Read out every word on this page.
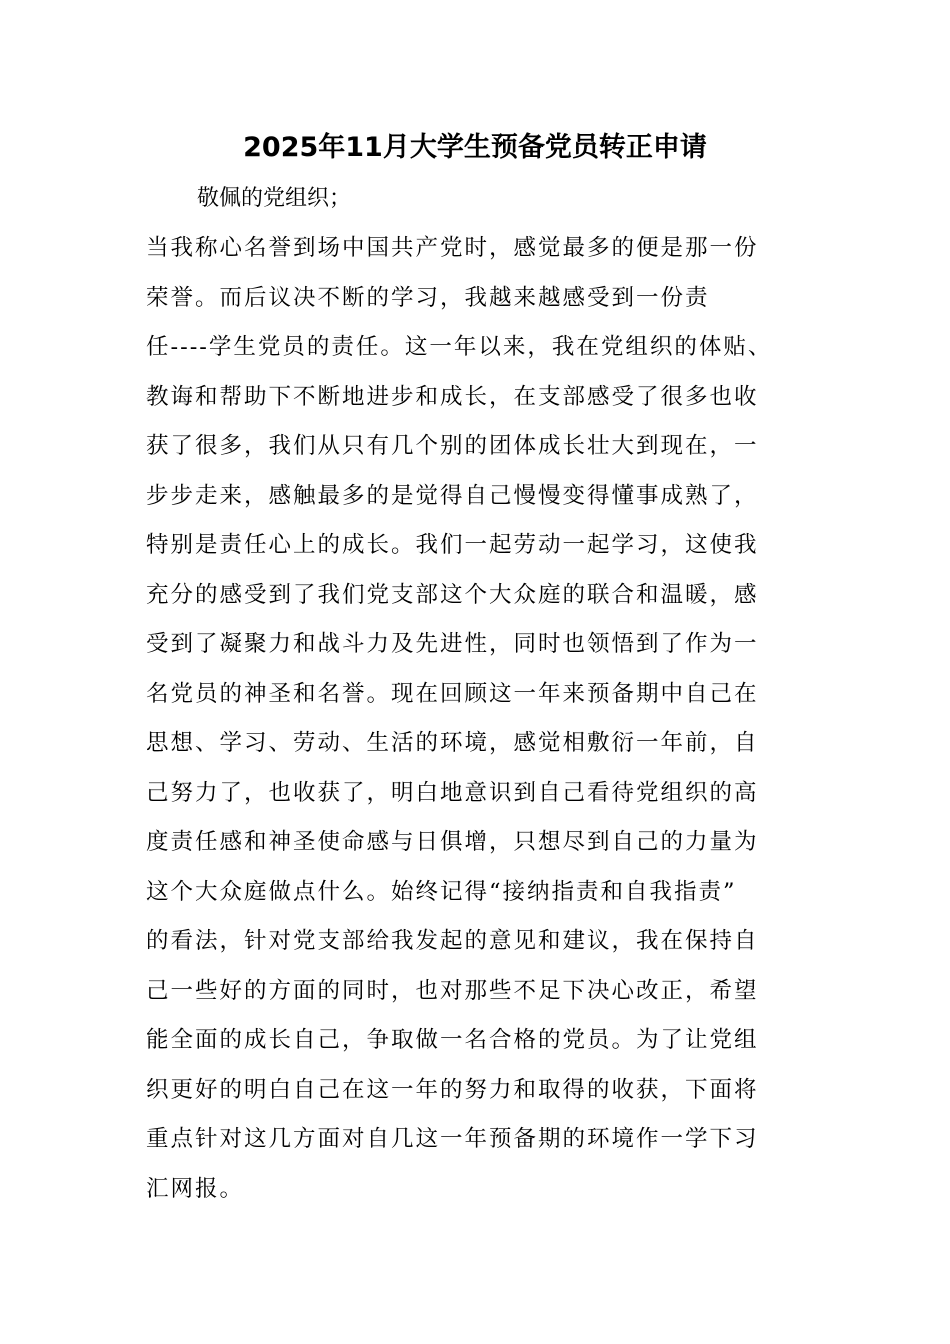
2025年11月大学生预备党员转正申请

敬佩的党组织；

当我称心名誉到场中国共产党时，感觉最多的便是那一份
荣誉。而后议决不断的学习，我越来越感受到一份责
任----学生党员的责任。这一年以来，我在党组织的体贴、
教诲和帮助下不断地进步和成长，在支部感受了很多也收
获了很多，我们从只有几个别的团体成长壮大到现在，一
步步走来，感触最多的是觉得自己慢慢变得懂事成熟了，
特别是责任心上的成长。我们一起劳动一起学习，这使我
充分的感受到了我们党支部这个大众庭的联合和温暖，感
受到了凝聚力和战斗力及先进性，同时也领悟到了作为一
名党员的神圣和名誉。现在回顾这一年来预备期中自己在
思想、学习、劳动、生活的环境，感觉相敷衍一年前，自
己努力了，也收获了，明白地意识到自己看待党组织的高
度责任感和神圣使命感与日俱增，只想尽到自己的力量为
这个大众庭做点什么。始终记得“接纳指责和自我指责”
的看法，针对党支部给我发起的意见和建议，我在保持自
己一些好的方面的同时，也对那些不足下决心改正，希望
能全面的成长自己，争取做一名合格的党员。为了让党组
织更好的明白自己在这一年的努力和取得的收获，下面将
重点针对这几方面对自几这一年预备期的环境作一学下习
汇网报。
